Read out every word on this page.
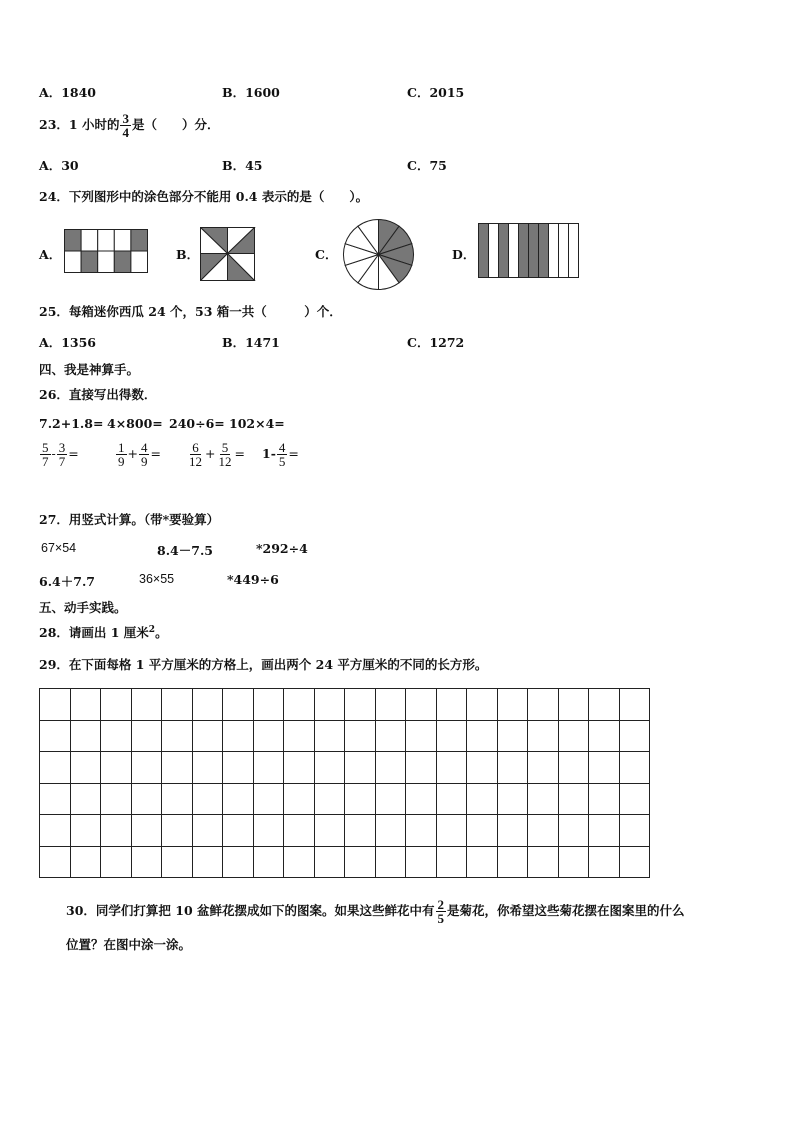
A．1840	B．1600	C．2015
23．1 小时的 $\frac{3}{4}$ 是（　　）分．
A．30	B．45	C．75
24．下列图形中的涂色部分不能用 0.4 表示的是（　　）。
A．	B．	C．	D．
25．每箱迷你西瓜 24 个，53 箱一共（　　　）个．
A．1356	B．1471	C．1272
四、我是神算手。
26．直接写出得数．
7.2+1.8= 4×800= 240÷6= 102×4=
$\frac{5}{7} - \frac{3}{7}$ =	$\frac{1}{9} + \frac{4}{9} = \frac{6}{12} + \frac{5}{12} = 1- \frac{4}{5}$ =
27．用竖式计算。（带*要验算）
67×54	8.4－7.5	*292÷4
6.4＋7.7	36×55	*449÷6
五、动手实践。
28．请画出 1 厘米$^2$。
29．在下面每格 1 平方厘米的方格上，画出两个 24 平方厘米的不同的长方形。
30．同学们打算把 10 盆鲜花摆成如下的图案。如果这些鲜花中有 $\frac{2}{5}$ 是菊花，你希望这些菊花摆在图案里的什么
位置？在图中涂一涂。
